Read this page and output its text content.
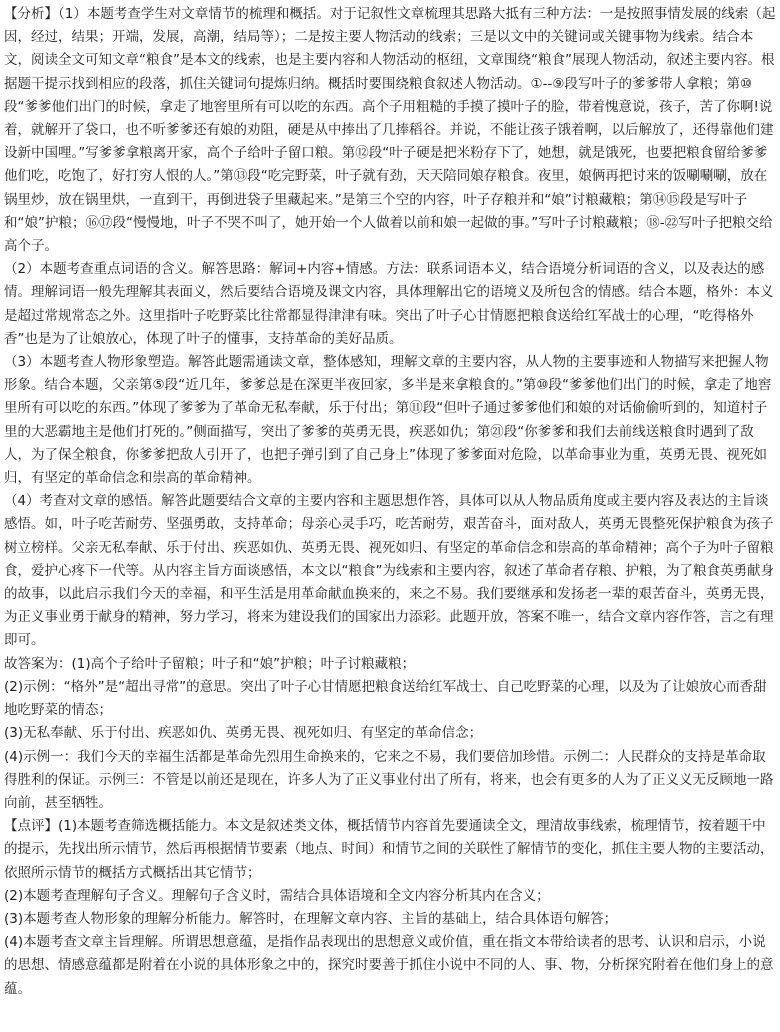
【分析】（1）本题考查学生对文章情节的梳理和概括。对于记叙性文章梳理其思路大抵有三种方法：一是按照事情发展的线索（起因，经过，结果；开端，发展，高潮，结局等）；二是按主要人物活动的线索；三是以文中的关键词或关键事物为线索。结合本文，阅读全文可知文章“粮食”是本文的线索，也是主要内容和人物活动的枢纽，文章围绕“粮食”展现人物活动，叙述主要内容。根据题干提示找到相应的段落，抓住关键词句提炼归纳。概括时要围绕粮食叙述人物活动。①--⑨段写叶子的爹爹带人拿粮；第⑩段“爹爹他们出门的时候，拿走了地窖里所有可以吃的东西。高个子用粗糙的手摸了摸叶子的脸，带着愧意说，孩子，苦了你啊!说着，就解开了袋口，也不听爹爹还有娘的劝阻，硬是从中捧出了几捧稻谷。并说，不能让孩子饿着啊，以后解放了，还得靠他们建设新中国哩。”写爹爹拿粮离开家，高个子给叶子留口粮。第⑫段“叶子硬是把米粉存下了，她想，就是饿死，也要把粮食留给爹爹他们吃，吃饱了，好打穷人恨的人。”第⑬段“吃完野菜，叶子就有劲，天天陪同娘存粮食。夜里，娘俩再把讨来的饭唰唰唰，放在锅里炒，放在锅里烘，一直到干，再倒进袋子里藏起来。”是第三个空的内容，叶子存粮并和“娘”讨粮藏粮；第⑭⑮段是写叶子和“娘”护粮；⑯⑰段“慢慢地，叶子不哭不叫了，她开始一个人做着以前和娘一起做的事。”写叶子讨粮藏粮；⑱-㉒写叶子把粮交给高个子。

（2）本题考查重点词语的含义。解答思路：解词+内容+情感。方法：联系词语本义，结合语境分析词语的含义，以及表达的感情。理解词语一般先理解其表面义，然后要结合语境及课文内容，具体理解出它的语境义及所包含的情感。结合本题，格外：本义是超过常规常态之外。这里指叶子吃野菜比往常都显得津津有味。突出了叶子心甘情愿把粮食送给红军战士的心理，“吃得格外香”也是为了让娘放心，体现了叶子的懂事，支持革命的美好品质。

（3）本题考查人物形象塑造。解答此题需通读文章，整体感知，理解文章的主要内容，从人物的主要事迹和人物描写来把握人物形象。结合本题，父亲第⑤段“近几年，爹爹总是在深更半夜回家，多半是来拿粮食的。”第⑩段“爹爹他们出门的时候，拿走了地窖里所有可以吃的东西。”体现了爹爹为了革命无私奉献，乐于付出；第⑪段“但叶子通过爹爹他们和娘的对话偷偷听到的，知道村子里的大恶霸地主是他们打死的。”侧面描写，突出了爹爹的英勇无畏，疾恶如仇；第㉑段“你爹爹和我们去前线送粮食时遇到了敌人，为了保全粮食，你爹爹把敌人引开了，也把子弹引到了自己身上”体现了爹爹面对危险，以革命事业为重，英勇无畏、视死如归，有坚定的革命信念和崇高的革命精神。

（4）考查对文章的感悟。解答此题要结合文章的主要内容和主题思想作答，具体可以从人物品质角度或主要内容及表达的主旨谈感悟。如，叶子吃苦耐劳、坚强勇敢，支持革命；母亲心灵手巧，吃苦耐劳，艰苦奋斗，面对敌人，英勇无畏整死保护粮食为孩子树立榜样。父亲无私奉献、乐于付出、疾恶如仇、英勇无畏、视死如归、有坚定的革命信念和崇高的革命精神；高个子为叶子留粮食，爱护心疼下一代等。从内容主旨方面谈感悟，本文以“粮食”为线索和主要内容，叙述了革命者存粮、护粮，为了粮食英勇献身的故事，以此启示我们今天的幸福，和平生活是用革命献血换来的，来之不易。我们要继承和发扬老一辈的艰苦奋斗，英勇无畏，为正义事业勇于献身的精神，努力学习，将来为建设我们的国家出力添彩。此题开放，答案不唯一，结合文章内容作答，言之有理即可。

故答案为：(1)高个子给叶子留粮；叶子和“娘”护粮；叶子讨粮藏粮；

(2)示例：“格外”是“超出寻常”的意思。突出了叶子心甘情愿把粮食送给红军战士、自己吃野菜的心理，以及为了让娘放心而香甜地吃野菜的情态；

(3)无私奉献、乐于付出、疾恶如仇、英勇无畏、视死如归、有坚定的革命信念；

(4)示例一：我们今天的幸福生活都是革命先烈用生命换来的，它来之不易，我们要倍加珍惜。示例二：人民群众的支持是革命取得胜利的保证。示例三：不管是以前还是现在，许多人为了正义事业付出了所有，将来，也会有更多的人为了正义义无反顾地一路向前，甚至牺牲。

【点评】(1)本题考查筛选概括能力。本文是叙述类文体，概括情节内容首先要通读全文，理清故事线索，梳理情节，按着题干中的提示，先找出所示情节，然后再根据情节要素（地点、时间）和情节之间的关联性了解情节的变化，抓住主要人物的主要活动，依照所示情节的概括方式概括出其它情节；

(2)本题考查理解句子含义。理解句子含义时，需结合具体语境和全文内容分析其内在含义；

(3)本题考查人物形象的理解分析能力。解答时，在理解文章内容、主旨的基础上，结合具体语句解答；

(4)本题考查文章主旨理解。所谓思想意蕴，是指作品表现出的思想意义或价值，重在指文本带给读者的思考、认识和启示，小说的思想、情感意蕴都是附着在小说的具体形象之中的，探究时要善于抓住小说中不同的人、事、物，分析探究附着在他们身上的意蕴。
